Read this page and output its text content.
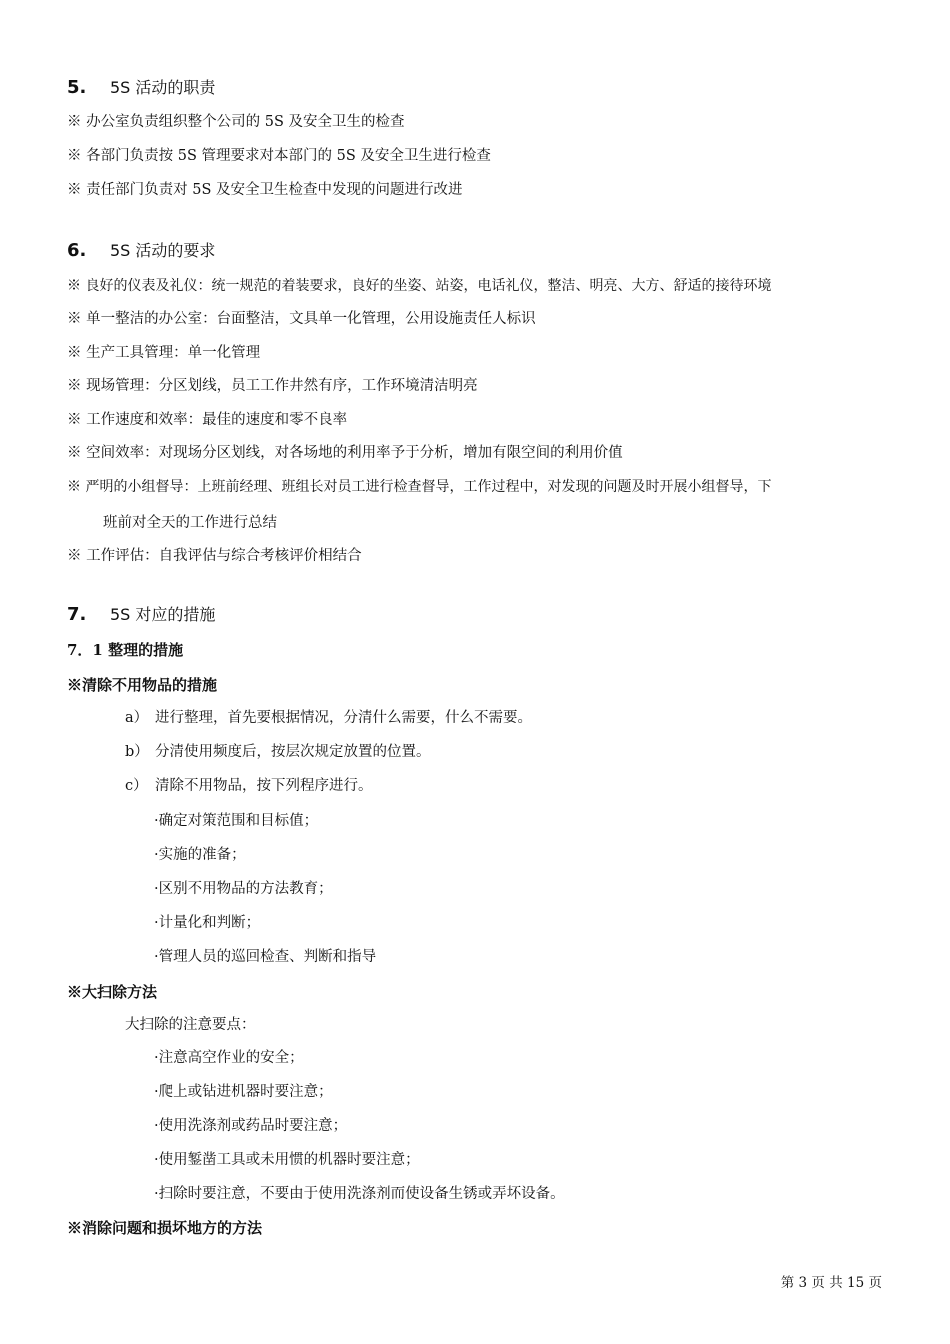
5. 5S 活动的职责
※ 办公室负责组织整个公司的 5S 及安全卫生的检查
※ 各部门负责按 5S 管理要求对本部门的 5S 及安全卫生进行检查
※ 责任部门负责对 5S 及安全卫生检查中发现的问题进行改进
6. 5S 活动的要求
※ 良好的仪表及礼仪：统一规范的着装要求，良好的坐姿、站姿，电话礼仪，整洁、明亮、大方、舒适的接待环境
※ 单一整洁的办公室：台面整洁，文具单一化管理，公用设施责任人标识
※ 生产工具管理：单一化管理
※ 现场管理：分区划线，员工工作井然有序，工作环境清洁明亮
※ 工作速度和效率：最佳的速度和零不良率
※ 空间效率：对现场分区划线，对各场地的利用率予于分析，增加有限空间的利用价值
※ 严明的小组督导：上班前经理、班组长对员工进行检查督导，工作过程中，对发现的问题及时开展小组督导，下
班前对全天的工作进行总结
※ 工作评估：自我评估与综合考核评价相结合
7. 5S 对应的措施
7．1 整理的措施
※清除不用物品的措施
a） 进行整理，首先要根据情况，分清什么需要，什么不需要。
b） 分清使用频度后，按层次规定放置的位置。
c） 清除不用物品，按下列程序进行。
·确定对策范围和目标值；
·实施的准备；
·区别不用物品的方法教育；
·计量化和判断；
·管理人员的巡回检查、判断和指导
※大扫除方法
大扫除的注意要点：
·注意高空作业的安全；
·爬上或钻进机器时要注意；
·使用洗涤剂或药品时要注意；
·使用錾凿工具或未用惯的机器时要注意；
·扫除时要注意，不要由于使用洗涤剂而使设备生锈或弄坏设备。
※消除问题和损坏地方的方法
第 3 页 共 15 页
